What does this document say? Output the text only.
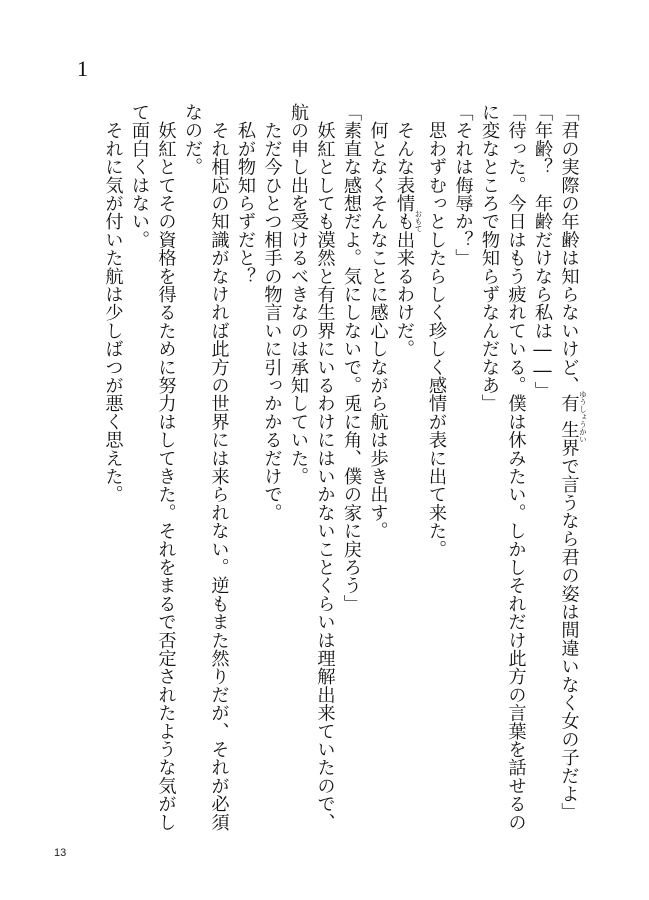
1
「君の実際の年齢は知らないけど、有生 ゆうしょうかい界で言うなら君の姿は間違いなく女の子だよ」
「年齢？　年齢だけなら私は――」
「待った。今日はもう疲れている。僕は休みたい。しかしそれだけ此方の言葉を話せるの
に変なところで物知らずなんだなあ」
「それは侮辱か？」
　思わずむっとしたらしく珍しく感情が表に出て来た。
　そんな表情も おもて出来るわけだ。
　何となくそんなことに感心しながら航は歩き出す。
「素直な感想だよ。気にしないで。兎に角、僕の家に戻ろう」
　妖紅としても漠然と有生界にいるわけにはいかないことくらいは理解出来ていたので、
航の申し出を受けるべきなのは承知していた。
　ただ今ひとつ相手の物言いに引っかかるだけで。
　私が物知らずだと？
　それ相応の知識がなければ此方の世界には来られない。逆もまた然りだが、それが必須
なのだ。
　妖紅とてその資格を得るために努力はしてきた。それをまるで否定されたような気がし
て面白くはない。
　それに気が付いた航は少しばつが悪く思えた。
13
